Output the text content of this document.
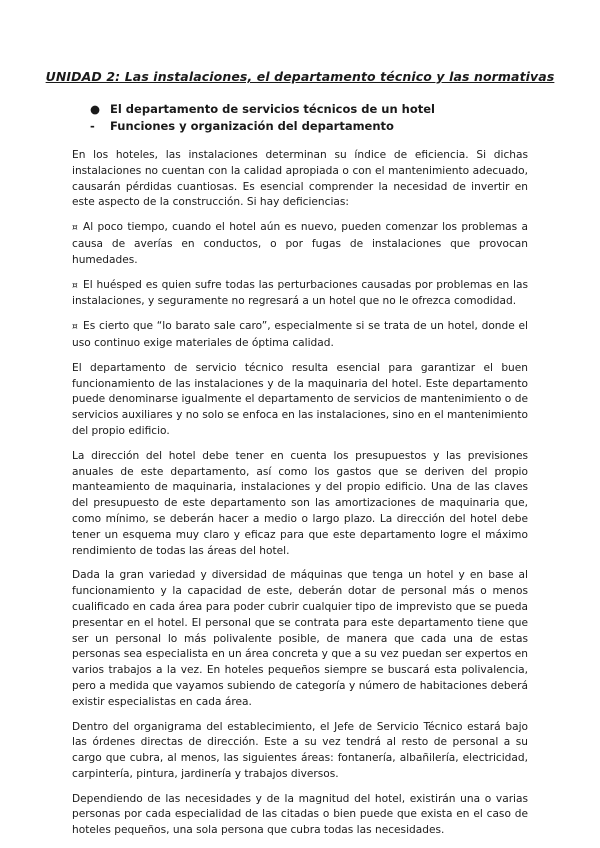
UNIDAD 2: Las instalaciones, el departamento técnico y las normativas
● El departamento de servicios técnicos de un hotel
- Funciones y organización del departamento

En los hoteles, las instalaciones determinan su índice de eficiencia. Si dichas instalaciones no cuentan con la calidad apropiada o con el mantenimiento adecuado, causarán pérdidas cuantiosas. Es esencial comprender la necesidad de invertir en este aspecto de la construcción. Si hay deficiencias:

¤ Al poco tiempo, cuando el hotel aún es nuevo, pueden comenzar los problemas a causa de averías en conductos, o por fugas de instalaciones que provocan humedades.

¤ El huésped es quien sufre todas las perturbaciones causadas por problemas en las instalaciones, y seguramente no regresará a un hotel que no le ofrezca comodidad.

¤ Es cierto que “lo barato sale caro”, especialmente si se trata de un hotel, donde el uso continuo exige materiales de óptima calidad.

El departamento de servicio técnico resulta esencial para garantizar el buen funcionamiento de las instalaciones y de la maquinaria del hotel. Este departamento puede denominarse igualmente el departamento de servicios de mantenimiento o de servicios auxiliares y no solo se enfoca en las instalaciones, sino en el mantenimiento del propio edificio.

La dirección del hotel debe tener en cuenta los presupuestos y las previsiones anuales de este departamento, así como los gastos que se deriven del propio manteamiento de maquinaria, instalaciones y del propio edificio. Una de las claves del presupuesto de este departamento son las amortizaciones de maquinaria que, como mínimo, se deberán hacer a medio o largo plazo. La dirección del hotel debe tener un esquema muy claro y eficaz para que este departamento logre el máximo rendimiento de todas las áreas del hotel.

Dada la gran variedad y diversidad de máquinas que tenga un hotel y en base al funcionamiento y la capacidad de este, deberán dotar de personal más o menos cualificado en cada área para poder cubrir cualquier tipo de imprevisto que se pueda presentar en el hotel. El personal que se contrata para este departamento tiene que ser un personal lo más polivalente posible, de manera que cada una de estas personas sea especialista en un área concreta y que a su vez puedan ser expertos en varios trabajos a la vez. En hoteles pequeños siempre se buscará esta polivalencia, pero a medida que vayamos subiendo de categoría y número de habitaciones deberá existir especialistas en cada área.

Dentro del organigrama del establecimiento, el Jefe de Servicio Técnico estará bajo las órdenes directas de dirección. Este a su vez tendrá al resto de personal a su cargo que cubra, al menos, las siguientes áreas: fontanería, albañilería, electricidad, carpintería, pintura, jardinería y trabajos diversos.

Dependiendo de las necesidades y de la magnitud del hotel, existirán una o varias personas por cada especialidad de las citadas o bien puede que exista en el caso de hoteles pequeños, una sola persona que cubra todas las necesidades.
